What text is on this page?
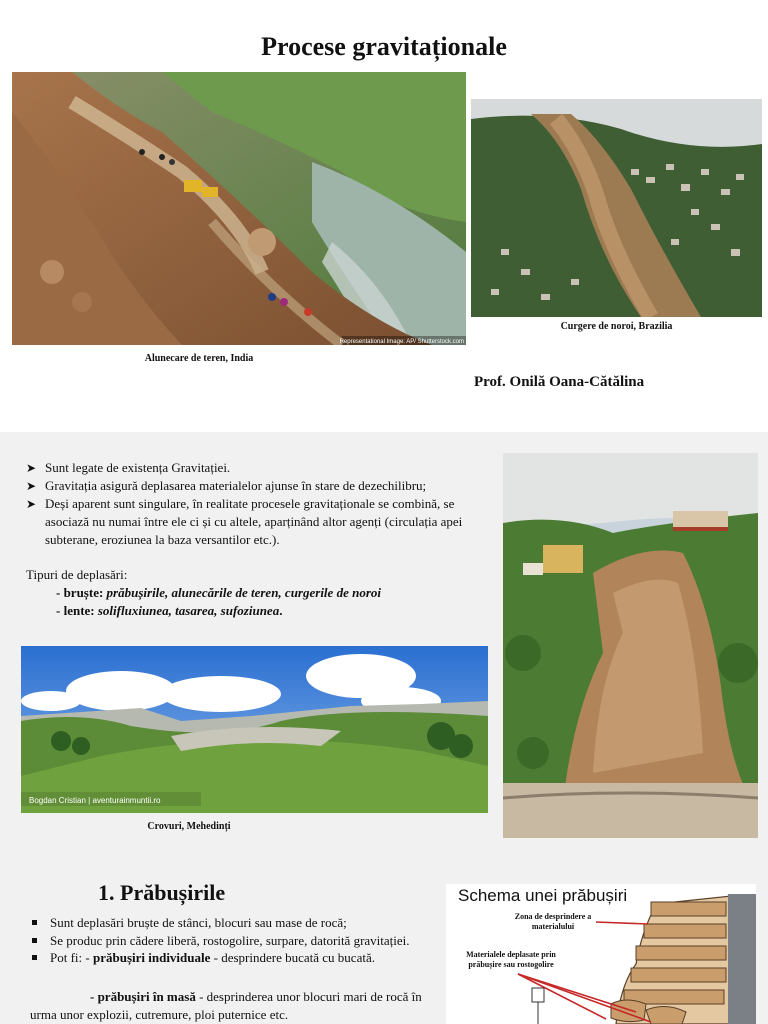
Procese gravitaționale
Representational Image: AP/ Shutterstock.com
Curgere de noroi, Brazilia
Alunecare de teren, India
Prof. Onilă Oana-Cătălina
➤ Sunt legate de existența Gravitației.
➤ Gravitația asigură deplasarea materialelor ajunse în stare de dezechilibru;
➤ Deși aparent sunt singulare, în realitate procesele gravitaționale se combină, se asociază nu numai între ele ci și cu altele, aparținând altor agenți (circulația apei subterane, eroziunea la baza versantilor etc.).
Tipuri de deplasări:
- bruște: prăbușirile, alunecările de teren, curgerile de noroi
- lente: solifluxiunea, tasarea, sufoziunea.
Bogdan Cristian | aventurainmuntii.ro
Crovuri, Mehedinți
1. Prăbușirile
Sunt deplasări bruște de stânci, blocuri sau mase de rocă;
Se produc prin cădere liberă, rostogolire, surpare, datorită gravitației.
Pot fi: - prăbușiri individuale - desprindere bucată cu bucată.
- prăbușiri în masă - desprinderea unor blocuri mari de rocă în urma unor explozii, cutremure, ploi puternice etc.
Schema unei prăbușiri
Zona de desprindere a materialului
Materialele deplasate prin prăbușire sau rostogolire
